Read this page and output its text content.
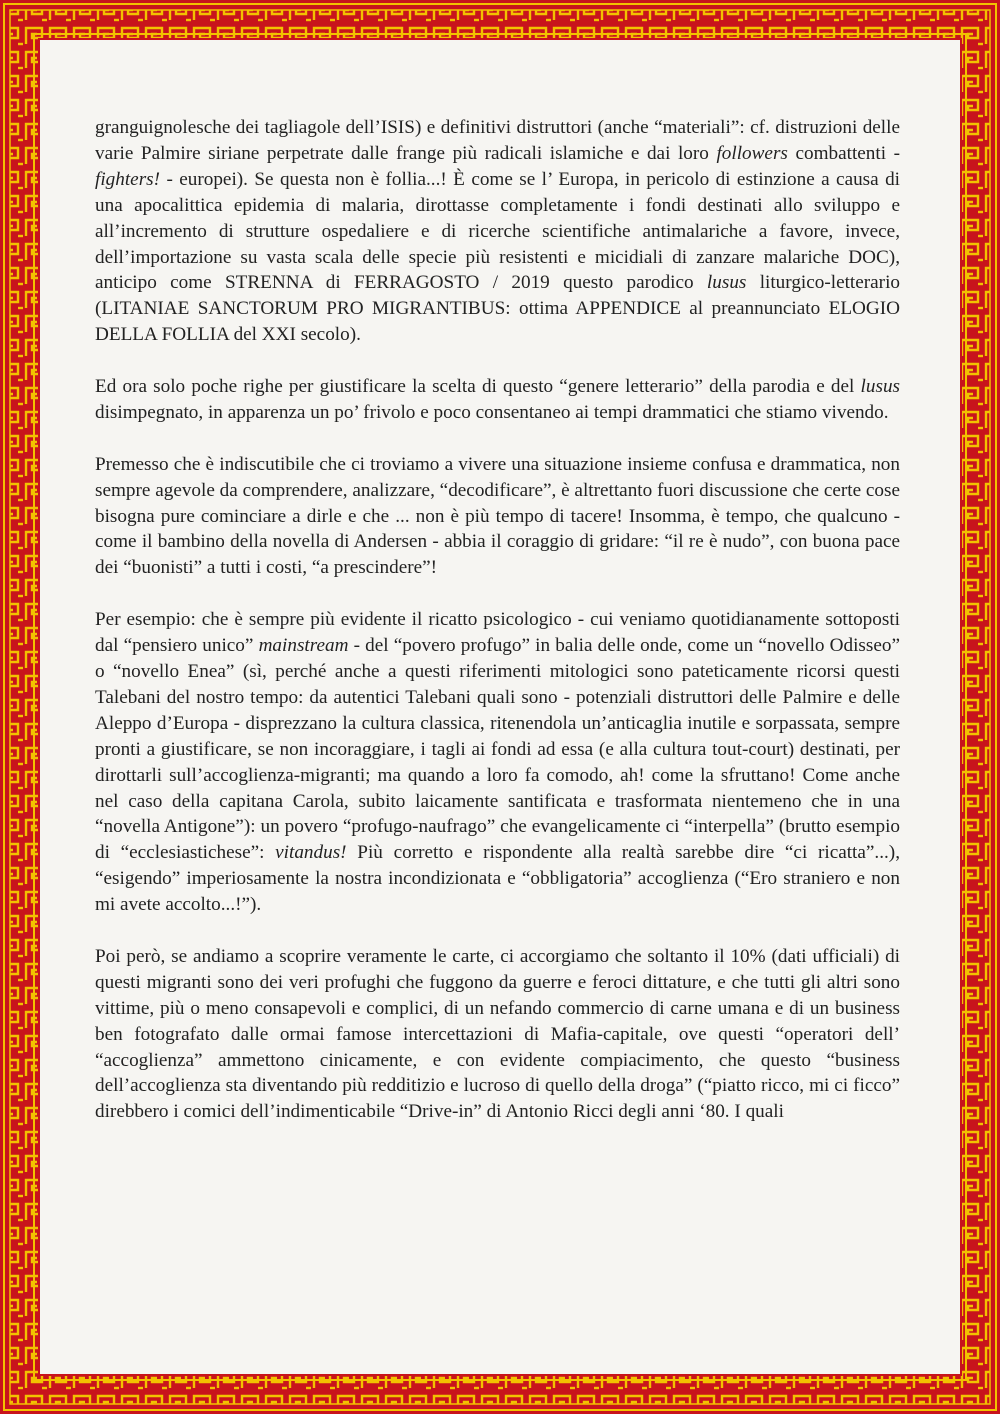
granguignolesche dei tagliagole dell’ISIS) e definitivi distruttori (anche “materiali”: cf. distruzioni delle varie Palmire siriane perpetrate dalle frange più radicali islamiche e dai loro followers combattenti - fighters! - europei). Se questa non è follia...! È come se l’ Europa, in pericolo di estinzione a causa di una apocalittica epidemia di malaria, dirottasse completamente i fondi destinati allo sviluppo e all’incremento di strutture ospedaliere e di ricerche scientifiche antimalariche a favore, invece, dell’importazione su vasta scala delle specie più resistenti e micidiali di zanzare malariche DOC), anticipo come STRENNA di FERRAGOSTO / 2019 questo parodico lusus liturgico-letterario (LITANIAE SANCTORUM PRO MIGRANTIBUS: ottima APPENDICE al preannunciato ELOGIO DELLA FOLLIA del XXI secolo).

Ed ora solo poche righe per giustificare la scelta di questo “genere letterario” della parodia e del lusus disimpegnato, in apparenza un po’ frivolo e poco consentaneo ai tempi drammatici che stiamo vivendo.

Premesso che è indiscutibile che ci troviamo a vivere una situazione insieme confusa e drammatica, non sempre agevole da comprendere, analizzare, “decodificare”, è altrettanto fuori discussione che certe cose bisogna pure cominciare a dirle e che ... non è più tempo di tacere! Insomma, è tempo, che qualcuno - come il bambino della novella di Andersen - abbia il coraggio di gridare: “il re è nudo”, con buona pace dei “buonisti” a tutti i costi, “a prescindere”!

Per esempio: che è sempre più evidente il ricatto psicologico - cui veniamo quotidianamente sottoposti dal “pensiero unico” mainstream - del “povero profugo” in balia delle onde, come un “novello Odisseo” o “novello Enea” (sì, perché anche a questi riferimenti mitologici sono pateticamente ricorsi questi Talebani del nostro tempo: da autentici Talebani quali sono - potenziali distruttori delle Palmire e delle Aleppo d’Europa - disprezzano la cultura classica, ritenendola un’anticaglia inutile e sorpassata, sempre pronti a giustificare, se non incoraggiare, i tagli ai fondi ad essa (e alla cultura tout-court) destinati, per dirottarli sull’accoglienza-migranti; ma quando a loro fa comodo, ah! come la sfruttano! Come anche nel caso della capitana Carola, subito laicamente santificata e trasformata nientemeno che in una “novella Antigone”): un povero “profugo-naufrago” che evangelicamente ci “interpella” (brutto esempio di “ecclesiastichese”: vitandus! Più corretto e rispondente alla realtà sarebbe dire “ci ricatta”...), “esigendo” imperiosamente la nostra incondizionata e “obbligatoria” accoglienza (“Ero straniero e non mi avete accolto...!”).

Poi però, se andiamo a scoprire veramente le carte, ci accorgiamo che soltanto il 10% (dati ufficiali) di questi migranti sono dei veri profughi che fuggono da guerre e feroci dittature, e che tutti gli altri sono vittime, più o meno consapevoli e complici, di un nefando commercio di carne umana e di un business ben fotografato dalle ormai famose intercettazioni di Mafia-capitale, ove questi “operatori dell’ “accoglienza” ammettono cinicamente, e con evidente compiacimento, che questo “business dell’accoglienza sta diventando più redditizio e lucroso di quello della droga” (“piatto ricco, mi ci ficco” direbbero i comici dell’indimenticabile “Drive-in” di Antonio Ricci degli anni ‘80. I quali
